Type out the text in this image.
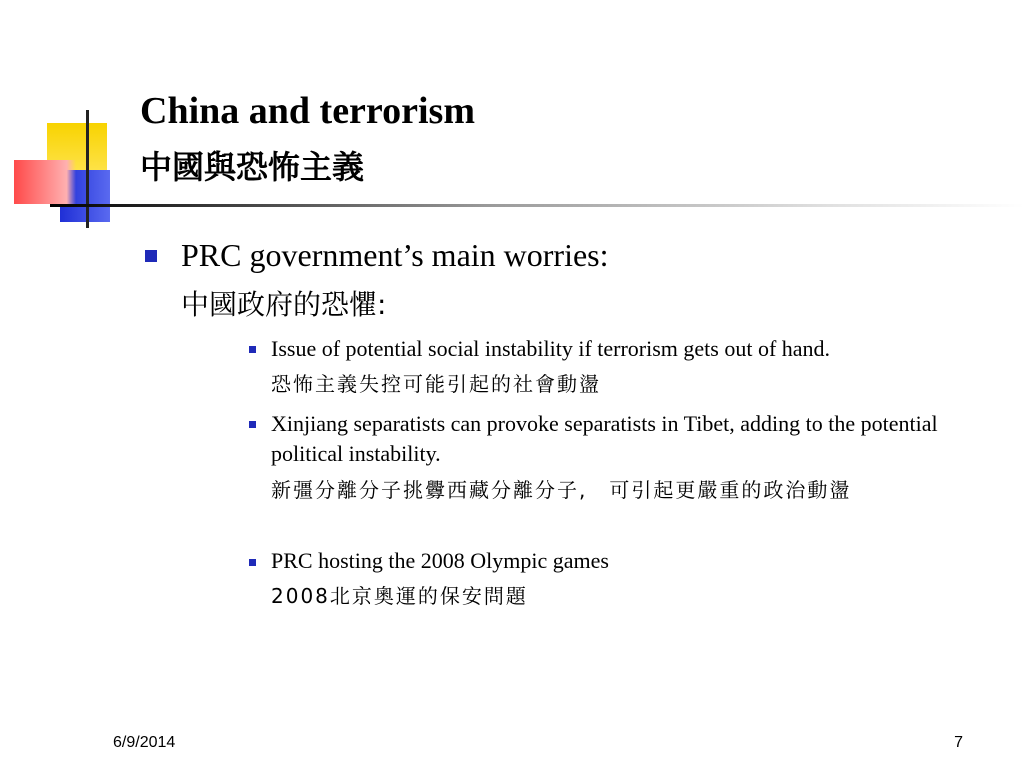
China and terrorism
中國與恐怖主義
PRC government’s main worries:
中國政府的恐懼:
Issue of potential social instability if terrorism gets out of hand.
恐怖主義失控可能引起的社會動盪
Xinjiang separatists can provoke separatists in Tibet, adding to the potential political instability.
新彊分離分子挑釁西藏分離分子,　可引起更嚴重的政治動盪
PRC hosting the 2008 Olympic games
2008北京奧運的保安問題
6/9/2014	7
